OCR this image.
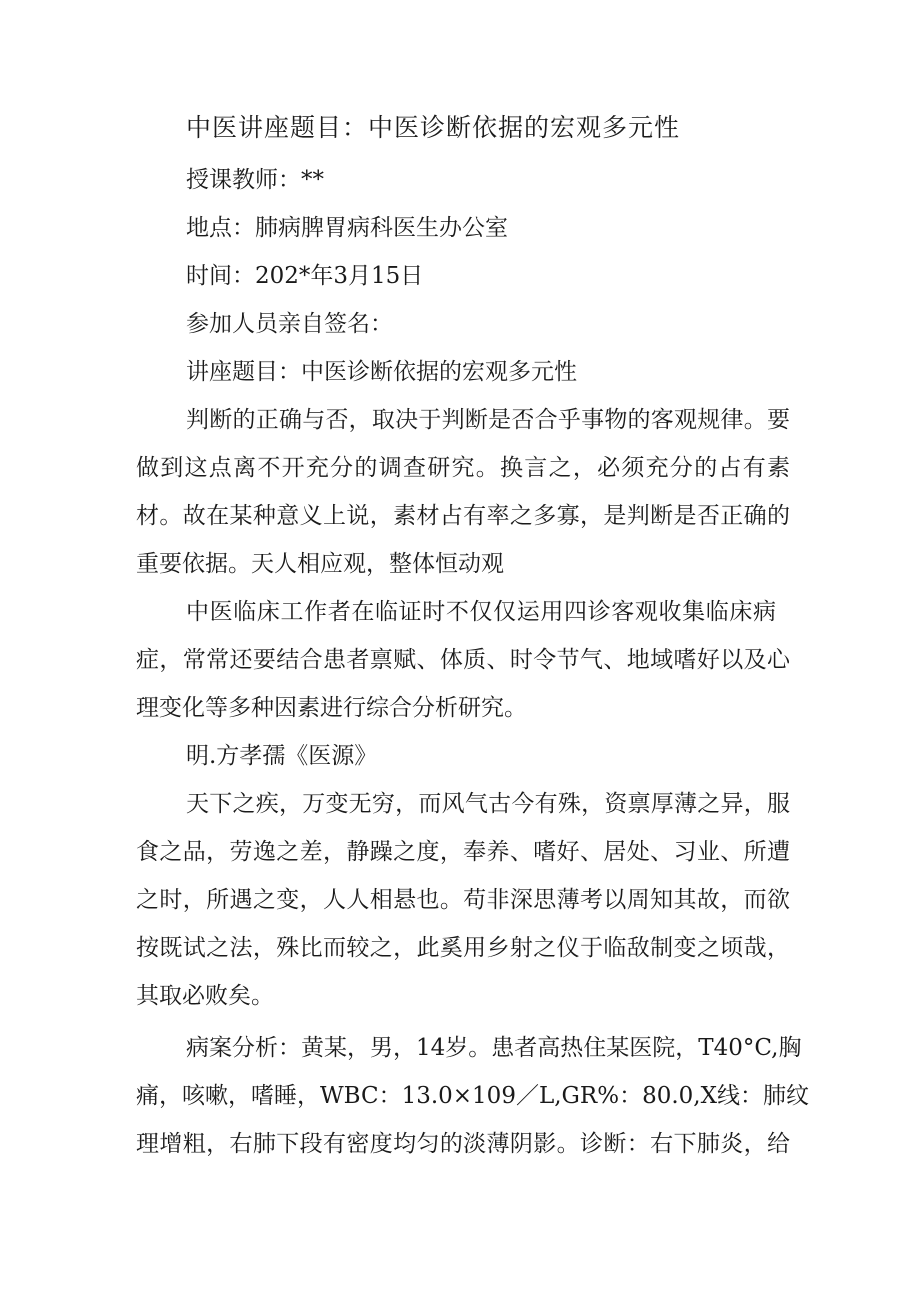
中医讲座题目：中医诊断依据的宏观多元性
授课教师：**
地点：肺病脾胃病科医生办公室
时间：202*年3月15日
参加人员亲自签名：
讲座题目：中医诊断依据的宏观多元性
判断的正确与否，取决于判断是否合乎事物的客观规律。要
做到这点离不开充分的调查研究。换言之，必须充分的占有素
材。故在某种意义上说，素材占有率之多寡，是判断是否正确的
重要依据。天人相应观，整体恒动观
中医临床工作者在临证时不仅仅运用四诊客观收集临床病
症，常常还要结合患者禀赋、体质、时令节气、地域嗜好以及心
理变化等多种因素进行综合分析研究。
明.方孝孺《医源》
天下之疾，万变无穷，而风气古今有殊，资禀厚薄之异，服
食之品，劳逸之差，静躁之度，奉养、嗜好、居处、习业、所遭
之时，所遇之变，人人相悬也。苟非深思薄考以周知其故，而欲
按既试之法，殊比而较之，此奚用乡射之仪于临敌制变之顷哉，
其取必败矣。
病案分析：黄某，男，14岁。患者高热住某医院，T40°C,胸
痛，咳嗽，嗜睡，WBC：13.0×109／L,GR%：80.0,X线：肺纹
理增粗，右肺下段有密度均匀的淡薄阴影。诊断：右下肺炎，给
